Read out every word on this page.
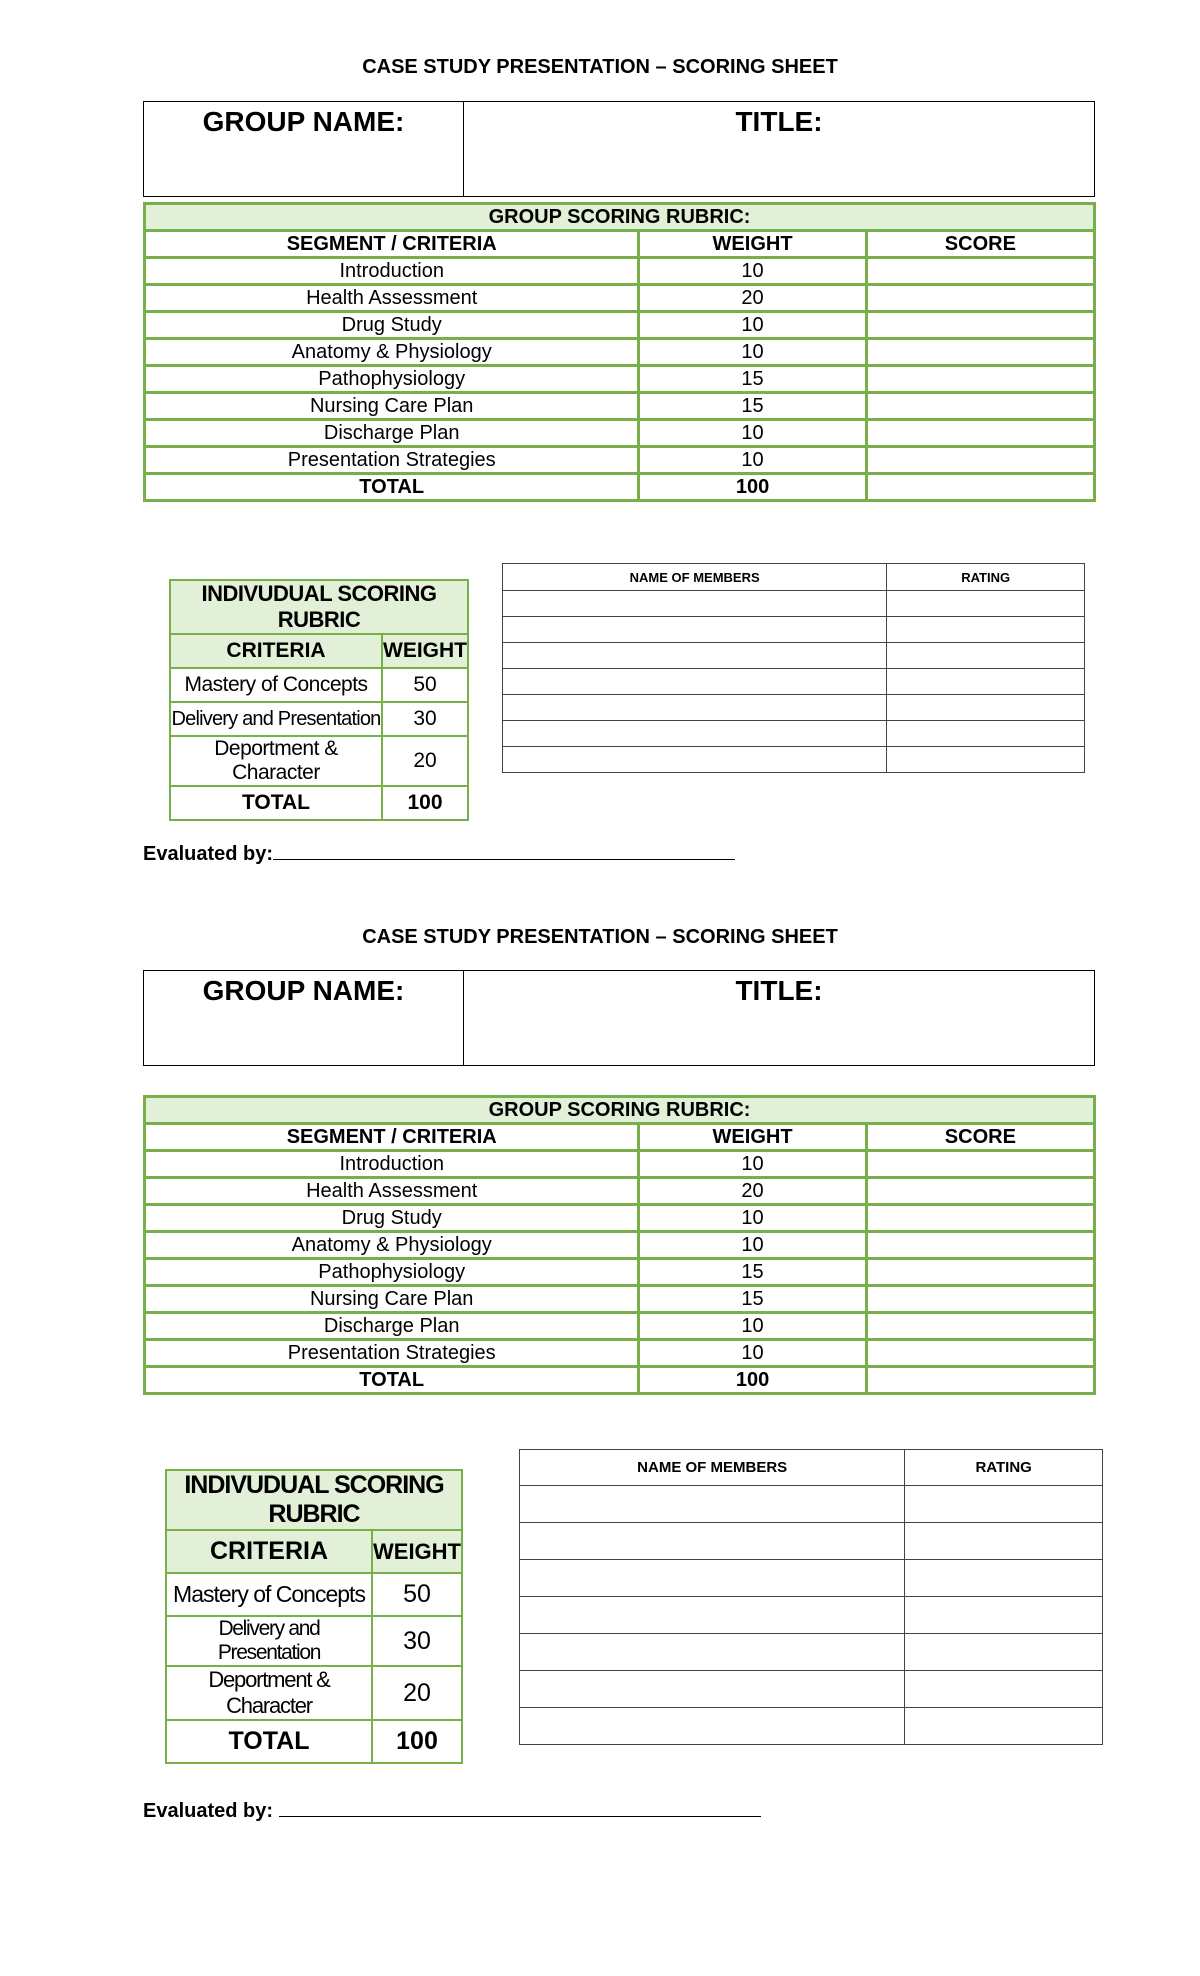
CASE STUDY PRESENTATION – SCORING SHEET
GROUP NAME:	TITLE:
GROUP SCORING RUBRIC:		
SEGMENT / CRITERIA	WEIGHT	SCORE
Introduction	10	
Health Assessment	20	
Drug Study	10	
Anatomy & Physiology	10	
Pathophysiology	15	
Nursing Care Plan	15	
Discharge Plan	10	
Presentation Strategies	10	
TOTAL	100	
INDIVUDUAL SCORING RUBRIC	
CRITERIA	WEIGHT
Mastery of Concepts	50
Delivery and Presentation	30
Deportment & Character	20
TOTAL	100
NAME OF MEMBERS	RATING

Evaluated by:
CASE STUDY PRESENTATION – SCORING SHEET
GROUP NAME:	TITLE:
GROUP SCORING RUBRIC:		
SEGMENT / CRITERIA	WEIGHT	SCORE
Introduction	10	
Health Assessment	20	
Drug Study	10	
Anatomy & Physiology	10	
Pathophysiology	15	
Nursing Care Plan	15	
Discharge Plan	10	
Presentation Strategies	10	
TOTAL	100	
INDIVUDUAL SCORING RUBRIC	
CRITERIA	WEIGHT
Mastery of Concepts	50
Delivery and Presentation	30
Deportment & Character	20
TOTAL	100
NAME OF MEMBERS	RATING

Evaluated by:
